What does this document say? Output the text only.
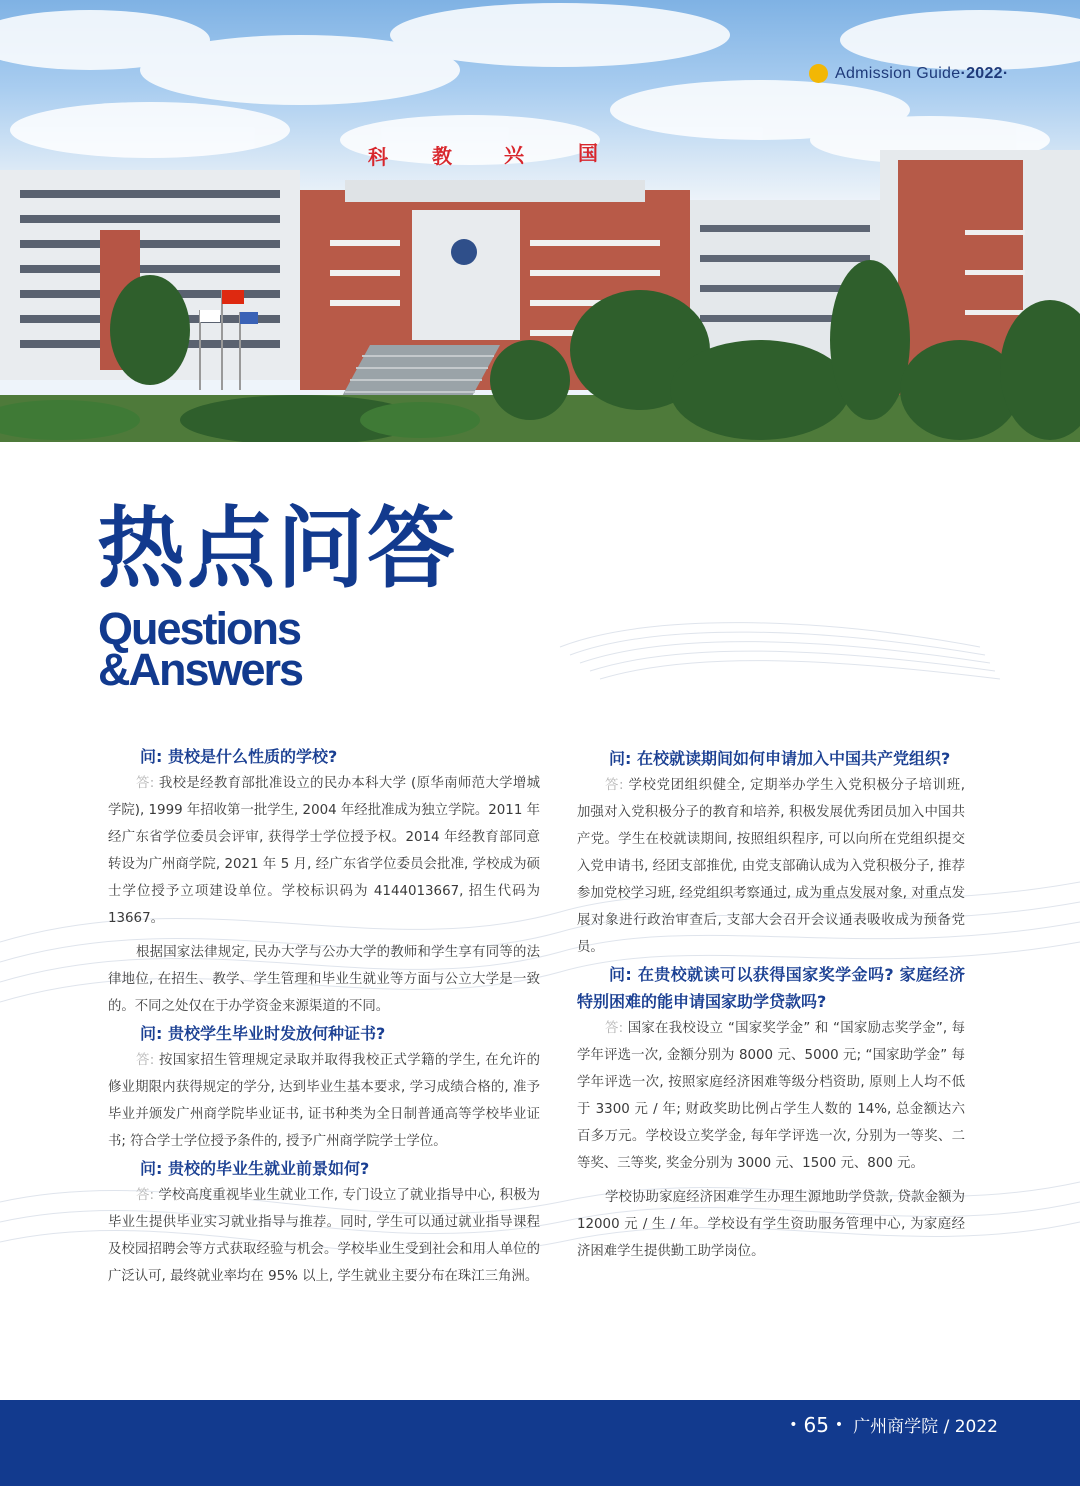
科 教	兴	国
Admission Guide ·2022·
热点问答
Questions
&Answers

问: 贵校是什么性质的学校?

答: 我校是经教育部批准设立的民办本科大学 (原华南师范大学增城学院), 1999 年招收第一批学生, 2004 年经批准成为独立学院。2011 年经广东省学位委员会评审, 获得学士学位授予权。2014 年经教育部同意转设为广州商学院, 2021 年 5 月, 经广东省学位委员会批准, 学校成为硕士学位授予立项建设单位。学校标识码为 4144013667, 招生代码为 13667。

根据国家法律规定, 民办大学与公办大学的教师和学生享有同等的法律地位, 在招生、教学、学生管理和毕业生就业等方面与公立大学是一致的。不同之处仅在于办学资金来源渠道的不同。

问: 贵校学生毕业时发放何种证书?

答: 按国家招生管理规定录取并取得我校正式学籍的学生, 在允许的修业期限内获得规定的学分, 达到毕业生基本要求, 学习成绩合格的, 准予毕业并颁发广州商学院毕业证书, 证书种类为全日制普通高等学校毕业证书; 符合学士学位授予条件的, 授予广州商学院学士学位。

问: 贵校的毕业生就业前景如何?

答: 学校高度重视毕业生就业工作, 专门设立了就业指导中心, 积极为毕业生提供毕业实习就业指导与推荐。同时, 学生可以通过就业指导课程及校园招聘会等方式获取经验与机会。学校毕业生受到社会和用人单位的广泛认可, 最终就业率均在 95% 以上, 学生就业主要分布在珠江三角洲。

问: 在校就读期间如何申请加入中国共产党组织?

答: 学校党团组织健全, 定期举办学生入党积极分子培训班, 加强对入党积极分子的教育和培养, 积极发展优秀团员加入中国共产党。学生在校就读期间, 按照组织程序, 可以向所在党组织提交入党申请书, 经团支部推优, 由党支部确认成为入党积极分子, 推荐参加党校学习班, 经党组织考察通过, 成为重点发展对象, 对重点发展对象进行政治审查后, 支部大会召开会议通表吸收成为预备党员。

问: 在贵校就读可以获得国家奖学金吗? 家庭经济特别困难的能申请国家助学贷款吗?

答: 国家在我校设立 “国家奖学金” 和 “国家励志奖学金”, 每学年评选一次, 金额分别为 8000 元、5000 元; “国家助学金” 每学年评选一次, 按照家庭经济困难等级分档资助, 原则上人均不低于 3300 元 / 年; 财政奖助比例占学生人数的 14%, 总金额达六百多万元。学校设立奖学金, 每年学评选一次, 分别为一等奖、二等奖、三等奖, 奖金分别为 3000 元、1500 元、800 元。

学校协助家庭经济困难学生办理生源地助学贷款, 贷款金额为 12000 元 / 生 / 年。学校设有学生资助服务管理中心, 为家庭经济困难学生提供勤工助学岗位。

• 65 • 广州商学院 / 2022
